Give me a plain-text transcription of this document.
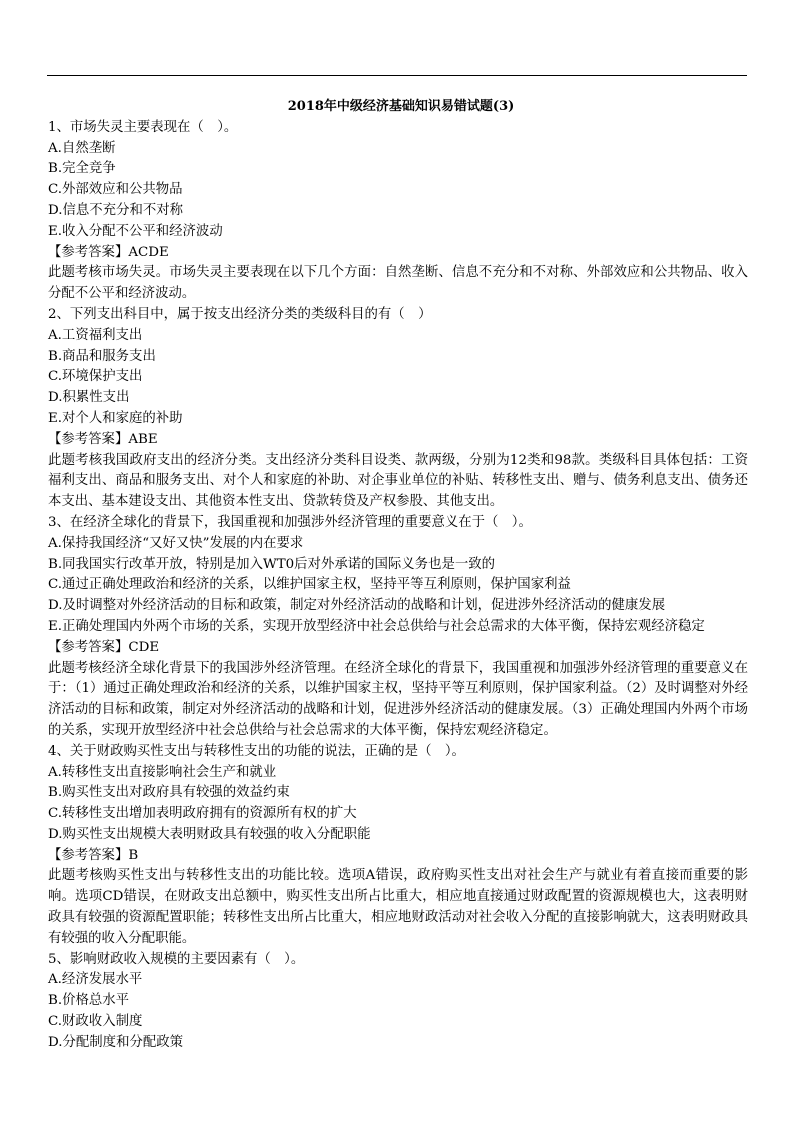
2018年中级经济基础知识易错试题(3)

1、市场失灵主要表现在（　）。

A.自然垄断

B.完全竞争

C.外部效应和公共物品

D.信息不充分和不对称

E.收入分配不公平和经济波动

【参考答案】ACDE

此题考核市场失灵。市场失灵主要表现在以下几个方面：自然垄断、信息不充分和不对称、外部效应和公共物品、收入分配不公平和经济波动。

2、下列支出科目中，属于按支出经济分类的类级科目的有（　）

A.工资福利支出

B.商品和服务支出

C.环境保护支出

D.积累性支出

E.对个人和家庭的补助

【参考答案】ABE

此题考核我国政府支出的经济分类。支出经济分类科目设类、款两级，分别为12类和98款。类级科目具体包括：工资福利支出、商品和服务支出、对个人和家庭的补助、对企事业单位的补贴、转移性支出、赠与、债务利息支出、债务还本支出、基本建设支出、其他资本性支出、贷款转贷及产权参股、其他支出。

3、在经济全球化的背景下，我国重视和加强涉外经济管理的重要意义在于（　）。

A.保持我国经济“又好又快”发展的内在要求

B.同我国实行改革开放，特别是加入WT0后对外承诺的国际义务也是一致的

C.通过正确处理政治和经济的关系，以维护国家主权，坚持平等互利原则，保护国家利益

D.及时调整对外经济活动的目标和政策，制定对外经济活动的战略和计划，促进涉外经济活动的健康发展

E.正确处理国内外两个市场的关系，实现开放型经济中社会总供给与社会总需求的大体平衡，保持宏观经济稳定

【参考答案】CDE

此题考核经济全球化背景下的我国涉外经济管理。在经济全球化的背景下，我国重视和加强涉外经济管理的重要意义在于：（1）通过正确处理政治和经济的关系，以维护国家主权，坚持平等互利原则，保护国家利益。（2）及时调整对外经济活动的目标和政策，制定对外经济活动的战略和计划，促进涉外经济活动的健康发展。（3）正确处理国内外两个市场的关系，实现开放型经济中社会总供给与社会总需求的大体平衡，保持宏观经济稳定。

4、关于财政购买性支出与转移性支出的功能的说法，正确的是（　）。

A.转移性支出直接影响社会生产和就业

B.购买性支出对政府具有较强的效益约束

C.转移性支出增加表明政府拥有的资源所有权的扩大

D.购买性支出规模大表明财政具有较强的收入分配职能

【参考答案】B

此题考核购买性支出与转移性支出的功能比较。选项A错误，政府购买性支出对社会生产与就业有着直接而重要的影响。选项CD错误，在财政支出总额中，购买性支出所占比重大，相应地直接通过财政配置的资源规模也大，这表明财政具有较强的资源配置职能；转移性支出所占比重大，相应地财政活动对社会收入分配的直接影响就大，这表明财政具有较强的收入分配职能。

5、影响财政收入规模的主要因素有（　）。

A.经济发展水平

B.价格总水平

C.财政收入制度

D.分配制度和分配政策
